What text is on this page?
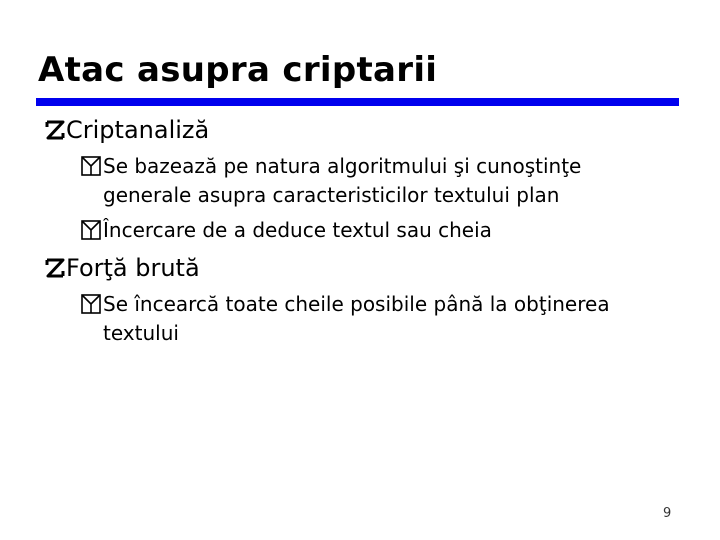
Atac asupra criptarii
Criptanaliză
Se bazează pe natura algoritmului şi cunoştinţe
generale asupra caracteristicilor textului plan
Încercare de a deduce textul sau cheia
Forţă brută
Se încearcă toate cheile posibile până la obţinerea
textului
9
